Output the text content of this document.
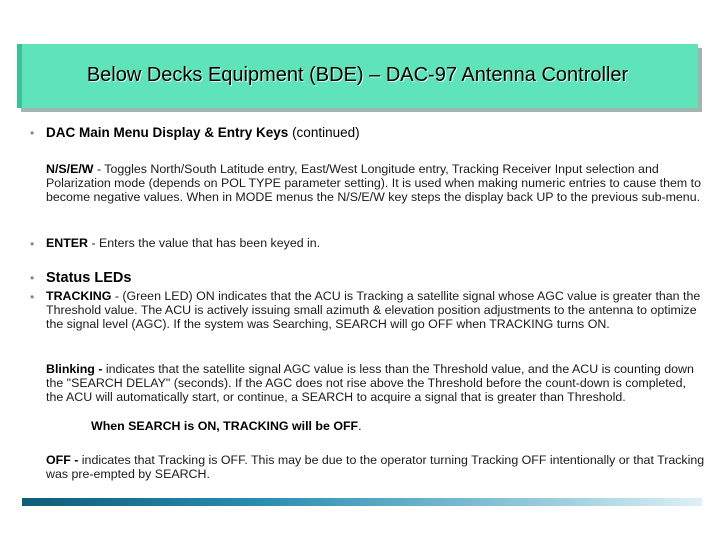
Below Decks Equipment (BDE) – DAC-97 Antenna Controller
• DAC Main Menu Display & Entry Keys (continued)
N/S/E/W - Toggles North/South Latitude entry, East/West Longitude entry, Tracking Receiver Input selection and Polarization mode (depends on POL TYPE parameter setting). It is used when making numeric entries to cause them to become negative values. When in MODE menus the N/S/E/W key steps the display back UP to the previous sub-menu.
• ENTER - Enters the value that has been keyed in.
• Status LEDs
• TRACKING - (Green LED) ON indicates that the ACU is Tracking a satellite signal whose AGC value is greater than the Threshold value. The ACU is actively issuing small azimuth & elevation position adjustments to the antenna to optimize the signal level (AGC). If the system was Searching, SEARCH will go OFF when TRACKING turns ON.
Blinking - indicates that the satellite signal AGC value is less than the Threshold value, and the ACU is counting down the "SEARCH DELAY" (seconds). If the AGC does not rise above the Threshold before the count-down is completed, the ACU will automatically start, or continue, a SEARCH to acquire a signal that is greater than Threshold.
When SEARCH is ON, TRACKING will be OFF.
OFF - indicates that Tracking is OFF. This may be due to the operator turning Tracking OFF intentionally or that Tracking was pre-empted by SEARCH.
